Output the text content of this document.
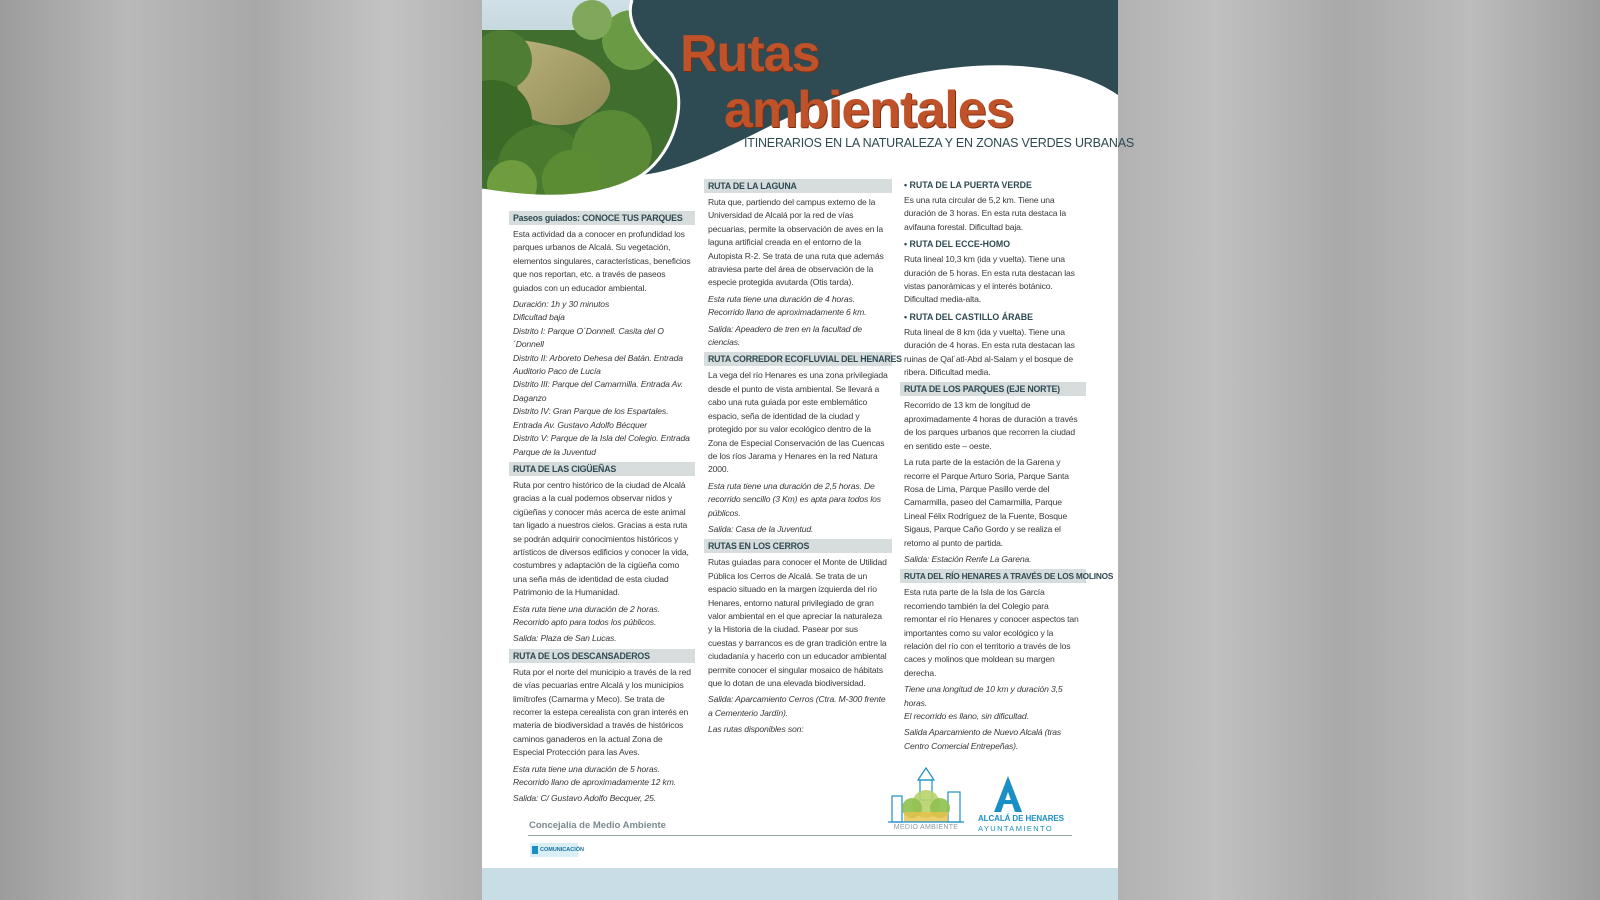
Rutas
ambientales
ITINERARIOS EN LA NATURALEZA Y EN ZONAS VERDES URBANAS
Paseos guiados: CONOCE TUS PARQUES
Esta actividad da a conocer en profundidad los parques urbanos de Alcalá. Su vegetación, elementos singulares, características, beneficios que nos reportan, etc. a través de paseos guiados con un educador ambiental.
Duración: 1h y 30 minutos
Dificultad baja
Distrito I: Parque O´Donnell. Casita del O´Donnell
Distrito II: Arboreto Dehesa del Batán. Entrada Auditorio Paco de Lucía
Distrito III: Parque del Camarmilla. Entrada Av. Daganzo
Distrito IV: Gran Parque de los Espartales. Entrada Av. Gustavo Adolfo Bécquer
Distrito V: Parque de la Isla del Colegio. Entrada Parque de la Juventud
RUTA DE LAS CIGÜEÑAS
Ruta por centro histórico de la ciudad de Alcalá gracias a la cual podemos observar nidos y cigüeñas y conocer más acerca de este animal tan ligado a nuestros cielos. Gracias a esta ruta se podrán adquirir conocimientos históricos y artísticos de diversos edificios y conocer la vida, costumbres y adaptación de la cigüeña como una seña más de identidad de esta ciudad Patrimonio de la Humanidad.
Esta ruta tiene una duración de 2 horas. Recorrido apto para todos los públicos.
Salida: Plaza de San Lucas.
RUTA DE LOS DESCANSADEROS
Ruta por el norte del municipio a través de la red de vías pecuarias entre Alcalá y los municipios limítrofes (Camarma y Meco). Se trata de recorrer la estepa cerealista con gran interés en materia de biodiversidad a través de históricos caminos ganaderos en la actual Zona de Especial Protección para las Aves.
Esta ruta tiene una duración de 5 horas. Recorrido llano de aproximadamente 12 km.
Salida: C/ Gustavo Adolfo Becquer, 25.
RUTA DE LA LAGUNA
Ruta que, partiendo del campus externo de la Universidad de Alcalá por la red de vías pecuarias, permite la observación de aves en la laguna artificial creada en el entorno de la Autopista R-2. Se trata de una ruta que además atraviesa parte del área de observación de la especie protegida avutarda (Otis tarda).
Esta ruta tiene una duración de 4 horas. Recorrido llano de aproximadamente 6 km.
Salida: Apeadero de tren en la facultad de ciencias.
RUTA CORREDOR ECOFLUVIAL DEL HENARES
La vega del río Henares es una zona privilegiada desde el punto de vista ambiental. Se llevará a cabo una ruta guiada por este emblemático espacio, seña de identidad de la ciudad y protegido por su valor ecológico dentro de la Zona de Especial Conservación de las Cuencas de los ríos Jarama y Henares en la red Natura 2000.
Esta ruta tiene una duración de 2,5 horas. De recorrido sencillo (3 Km) es apta para todos los públicos.
Salida: Casa de la Juventud.
RUTAS EN LOS CERROS
Rutas guiadas para conocer el Monte de Utilidad Pública los Cerros de Alcalá. Se trata de un espacio situado en la margen izquierda del río Henares, entorno natural privilegiado de gran valor ambiental en el que apreciar la naturaleza y la Historia de la ciudad. Pasear por sus cuestas y barrancos es de gran tradición entre la ciudadanía y hacerlo con un educador ambiental permite conocer el singular mosaico de hábitats que lo dotan de una elevada biodiversidad.
Salida: Aparcamiento Cerros (Ctra. M-300 frente a Cementerio Jardín).
Las rutas disponibles son:
• RUTA DE LA PUERTA VERDE
Es una ruta circular de 5,2 km. Tiene una duración de 3 horas. En esta ruta destaca la avifauna forestal. Dificultad baja.
• RUTA DEL ECCE-HOMO
Ruta lineal 10,3 km (ida y vuelta). Tiene una duración de 5 horas. En esta ruta destacan las vistas panorámicas y el interés botánico. Dificultad media-alta.
• RUTA DEL CASTILLO ÁRABE
Ruta lineal de 8 km (ida y vuelta). Tiene una duración de 4 horas. En esta ruta destacan las ruinas de Qal´atl-Abd al-Salam y el bosque de ribera. Dificultad media.
RUTA DE LOS PARQUES (EJE NORTE)
Recorrido de 13 km de longitud de aproximadamente 4 horas de duración a través de los parques urbanos que recorren la ciudad en sentido este – oeste.
La ruta parte de la estación de la Garena y recorre el Parque Arturo Soria, Parque Santa Rosa de Lima, Parque Pasillo verde del Camarmilla, paseo del Camarmilla, Parque Lineal Félix Rodríguez de la Fuente, Bosque Sigaus, Parque Caño Gordo y se realiza el retorno al punto de partida.
Salida: Estación Renfe La Garena.
RUTA DEL RÍO HENARES A TRAVÉS DE LOS MOLINOS
Esta ruta parte de la Isla de los García recorriendo también la del Colegio para remontar el río Henares y conocer aspectos tan importantes como su valor ecológico y la relación del río con el territorio a través de los caces y molinos que moldean su margen derecha.
Tiene una longitud de 10 km y duración 3,5 horas.
El recorrido es llano, sin dificultad.
Salida Aparcamiento de Nuevo Alcalá (tras Centro Comercial Entrepeñas).
Concejalía de Medio Ambiente
COMUNICACIÓN
MEDIO AMBIENTE
ALCALÁ DE HENARES
AYUNTAMIENTO
